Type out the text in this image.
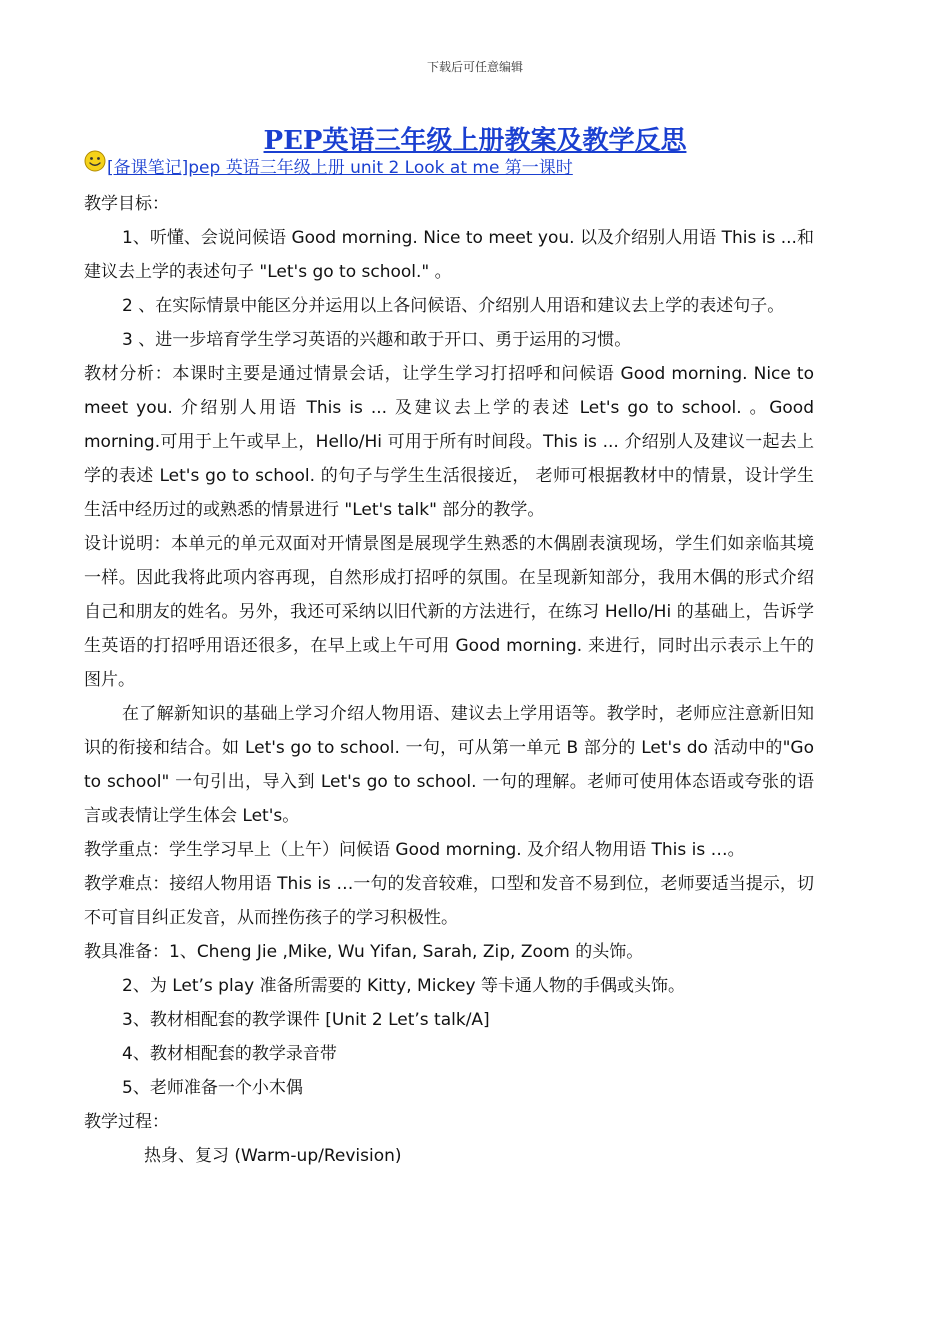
下载后可任意编辑
PEP英语三年级上册教案及教学反思
[备课笔记]pep 英语三年级上册 unit 2 Look at me 第一课时

教学目标：

1、听懂、会说问候语 Good morning. Nice to meet you. 以及介绍别人用语 This is ...和建议去上学的表述句子 "Let's go to school." 。

2 、在实际情景中能区分并运用以上各问候语、介绍别人用语和建议去上学的表述句子。

3 、进一步培育学生学习英语的兴趣和敢于开口、勇于运用的习惯。

教材分析：本课时主要是通过情景会话，让学生学习打招呼和问候语 Good morning. Nice to meet you. 介绍别人用语 This is ... 及建议去上学的表述 Let's go to school. 。Good morning.可用于上午或早上，Hello/Hi 可用于所有时间段。This is ... 介绍别人及建议一起去上学的表述 Let's go to school. 的句子与学生生活很接近， 老师可根据教材中的情景，设计学生生活中经历过的或熟悉的情景进行 "Let's talk" 部分的教学。

设计说明：本单元的单元双面对开情景图是展现学生熟悉的木偶剧表演现场，学生们如亲临其境一样。因此我将此项内容再现，自然形成打招呼的氛围。在呈现新知部分，我用木偶的形式介绍自己和朋友的姓名。另外，我还可采纳以旧代新的方法进行，在练习 Hello/Hi 的基础上，告诉学生英语的打招呼用语还很多，在早上或上午可用 Good morning. 来进行，同时出示表示上午的图片。

在了解新知识的基础上学习介绍人物用语、建议去上学用语等。教学时，老师应注意新旧知识的衔接和结合。如 Let's go to school. 一句，可从第一单元 B 部分的 Let's do 活动中的"Go to school" 一句引出，导入到 Let's go to school. 一句的理解。老师可使用体态语或夸张的语言或表情让学生体会 Let's。

教学重点：学生学习早上（上午）问候语 Good morning. 及介绍人物用语 This is …。

教学难点：接绍人物用语 This is …一句的发音较难，口型和发音不易到位，老师要适当提示，切不可盲目纠正发音，从而挫伤孩子的学习积极性。

教具准备：1、Cheng Jie ,Mike, Wu Yifan, Sarah, Zip, Zoom 的头饰。

2、为 Let’s play 准备所需要的 Kitty, Mickey 等卡通人物的手偶或头饰。

3、教材相配套的教学课件 [Unit 2 Let’s talk/A]

4、教材相配套的教学录音带

5、老师准备一个小木偶

教学过程：

热身、复习 (Warm-up/Revision)
